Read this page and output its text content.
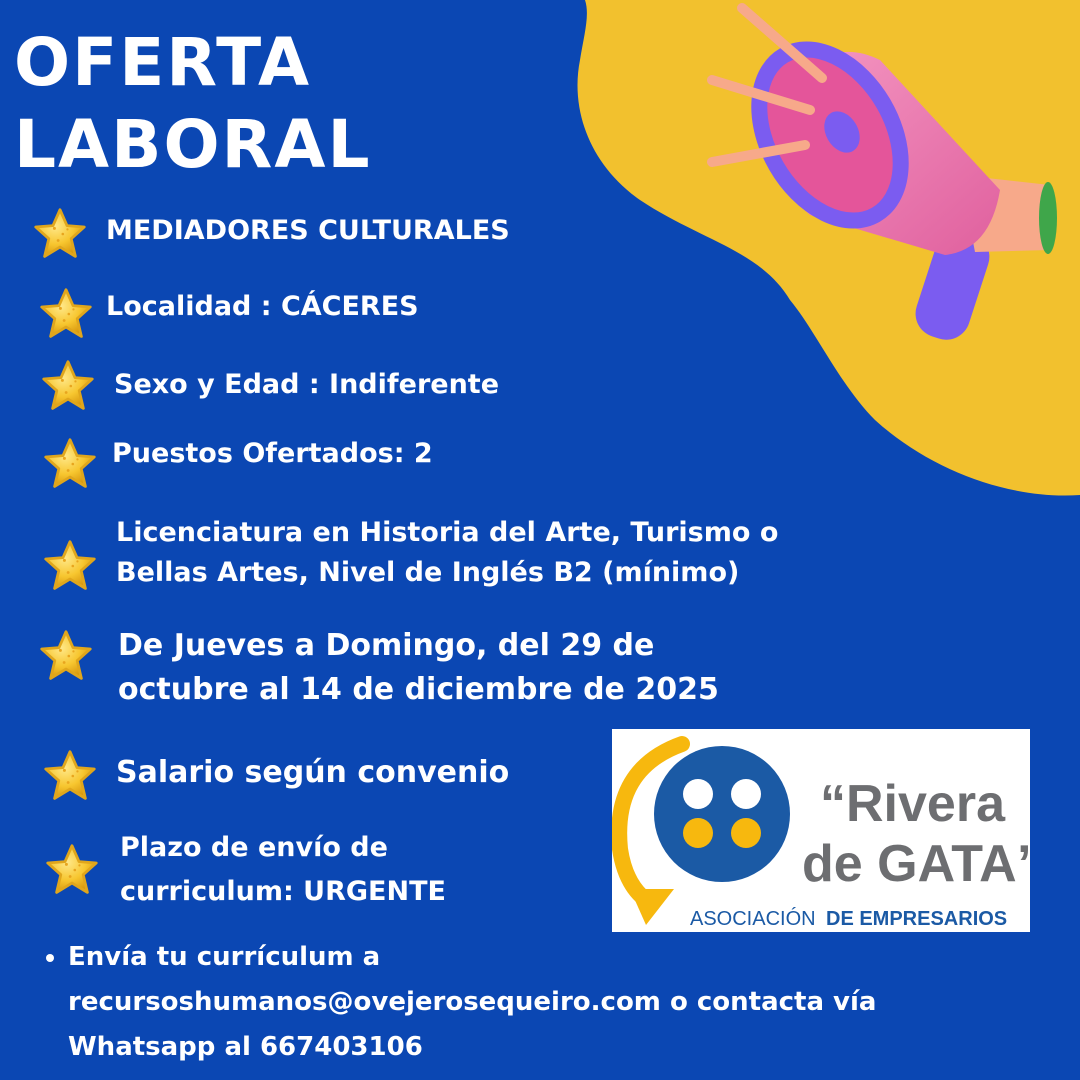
OFERTA
LABORAL
MEDIADORES CULTURALES
Localidad : CÁCERES
Sexo y Edad : Indiferente
Puestos Ofertados: 2
Licenciatura en Historia del Arte, Turismo o
Bellas Artes, Nivel de Inglés B2 (mínimo)
De Jueves a Domingo, del 29 de
octubre al 14 de diciembre de 2025
Salario según convenio
Plazo de envío de
curriculum: URGENTE
• Envía tu currículum a
recursoshumanos@ovejerosequeiro.com o contacta vía
Whatsapp al 667403106
“Rivera
de GATA”
ASOCIACIÓN DE EMPRESARIOS
